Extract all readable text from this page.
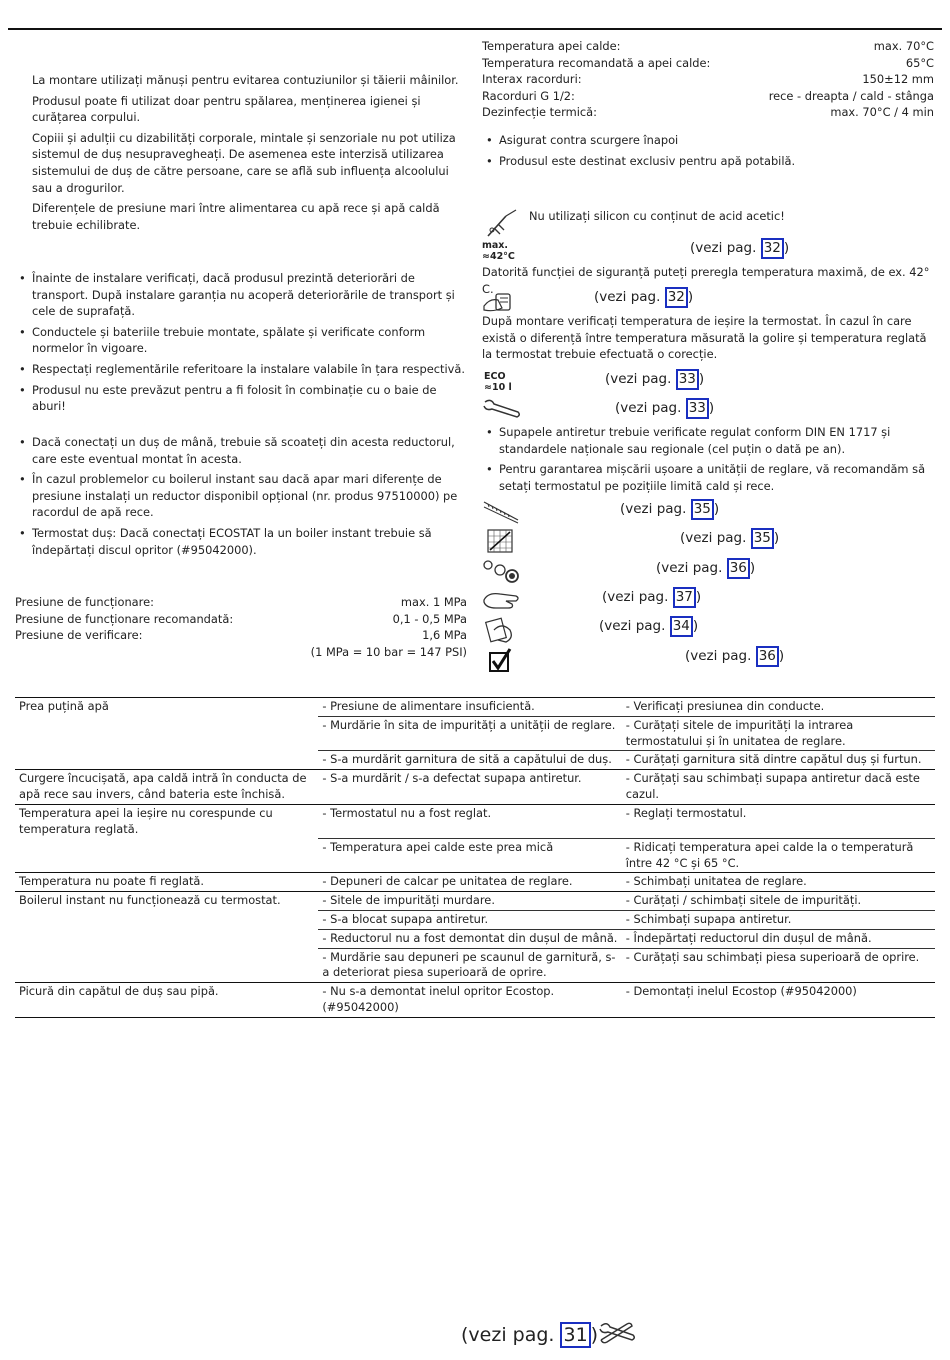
La montare utilizați mănuși pentru evitarea contuziunilor și tăierii mâinilor.

Produsul poate fi utilizat doar pentru spălarea, menținerea igienei și curățarea corpului.

Copiii și adulții cu dizabilități corporale, mintale și senzoriale nu pot utiliza sistemul de duș nesupravegheați. De asemenea este interzisă utilizarea sistemului de duș de către persoane, care se află sub influența alcoolului sau a drogurilor.

Diferențele de presiune mari între alimentarea cu apă rece și apă caldă trebuie echilibrate.

• Înainte de instalare verificați, dacă produsul prezintă deteriorări de transport. După instalare garanția nu acoperă deteriorările de transport și cele de suprafață.
• Conductele și bateriile trebuie montate, spălate și verificate conform normelor în vigoare.
• Respectați reglementările referitoare la instalare valabile în țara respectivă.
• Produsul nu este prevăzut pentru a fi folosit în combinație cu o baie de aburi!
• Dacă conectați un duș de mână, trebuie să scoateți din acesta reductorul, care este eventual montat în acesta.
• În cazul problemelor cu boilerul instant sau dacă apar mari diferențe de presiune instalați un reductor disponibil opțional (nr. produs 97510000) pe racordul de apă rece.
• Termostat duș: Dacă conectați ECOSTAT la un boiler instant trebuie să îndepărtați discul opritor (#95042000).
Presiune de funcționare:	max. 1 MPa
Presiune de funcționare recomandată:	0,1 - 0,5 MPa
Presiune de verificare:	1,6 MPa
(1 MPa = 10 bar = 147 PSI)
Temperatura apei calde:	max. 70°C
Temperatura recomandată a apei calde:	65°C
Interax racorduri:	150±12 mm
Racorduri G 1/2:	rece - dreapta / cald - stânga
Dezinfecție termică:	max. 70°C / 4 min
• Asigurat contra scurgere înapoi
• Produsul este destinat exclusiv pentru apă potabilă.
Nu utilizați silicon cu conținut de acid acetic!
max.
≈42°C
(vezi pag. 32 )
Datorită funcției de siguranță puteți preregla temperatura maximă, de ex. 42° C.
(vezi pag. 32 )
După montare verificați temperatura de ieșire la termostat. În cazul în care există o diferență între temperatura măsurată la golire și temperatura reglată la termostat trebuie efectuată o corecție.
ECO
≈10 l
(vezi pag. 33 )
(vezi pag. 33 )
• Supapele antiretur trebuie verificate regulat conform DIN EN 1717 și standardele naționale sau regionale (cel puțin o dată pe an).
• Pentru garantarea mișcării ușoare a unității de reglare, vă recomandăm să setați termostatul pe pozițiile limită cald și rece.
(vezi pag. 35 )
(vezi pag. 35 )
(vezi pag. 36 )
(vezi pag. 37 )
(vezi pag. 34 )
(vezi pag. 36 )
Prea puțină apă	- Presiune de alimentare insuficientă.	- Verificați presiunea din conducte.
	- Murdărie în sita de impurități a unității de reglare.	- Curățați sitele de impurități la intrarea termostatului și în unitatea de reglare.
	- S-a murdărit garnitura de sită a capătului de duș.	- Curățați garnitura sită dintre capătul duș și furtun.
Curgere încucișată, apa caldă intră în conducta de apă rece sau invers, când bateria este închisă.	- S-a murdărit / s-a defectat supapa antiretur.	- Curățați sau schimbați supapa antiretur dacă este cazul.
Temperatura apei la ieșire nu corespunde cu temperatura reglată.	- Termostatul nu a fost reglat.	- Reglați termostatul.
	- Temperatura apei calde este prea mică	- Ridicați temperatura apei calde la o temperatură între 42 °C și 65 °C.
Temperatura nu poate fi reglată.	- Depuneri de calcar pe unitatea de reglare.	- Schimbați unitatea de reglare.
Boilerul instant nu funcționează cu termostat.	- Sitele de impurități murdare.	- Curățați / schimbați sitele de impurități.
	- S-a blocat supapa antiretur.	- Schimbați supapa antiretur.
	- Reductorul nu a fost demontat din dușul de mână.	- Îndepărtați reductorul din dușul de mână.
	- Murdărie sau depuneri pe scaunul de garnitură, s-a deteriorat piesa superioară de oprire.	- Curățați sau schimbați piesa superioară de oprire.
Picură din capătul de duș sau pipă.	- Nu s-a demontat inelul opritor Ecostop. (#95042000)	- Demontați inelul Ecostop (#95042000)
(vezi pag. 31 )
